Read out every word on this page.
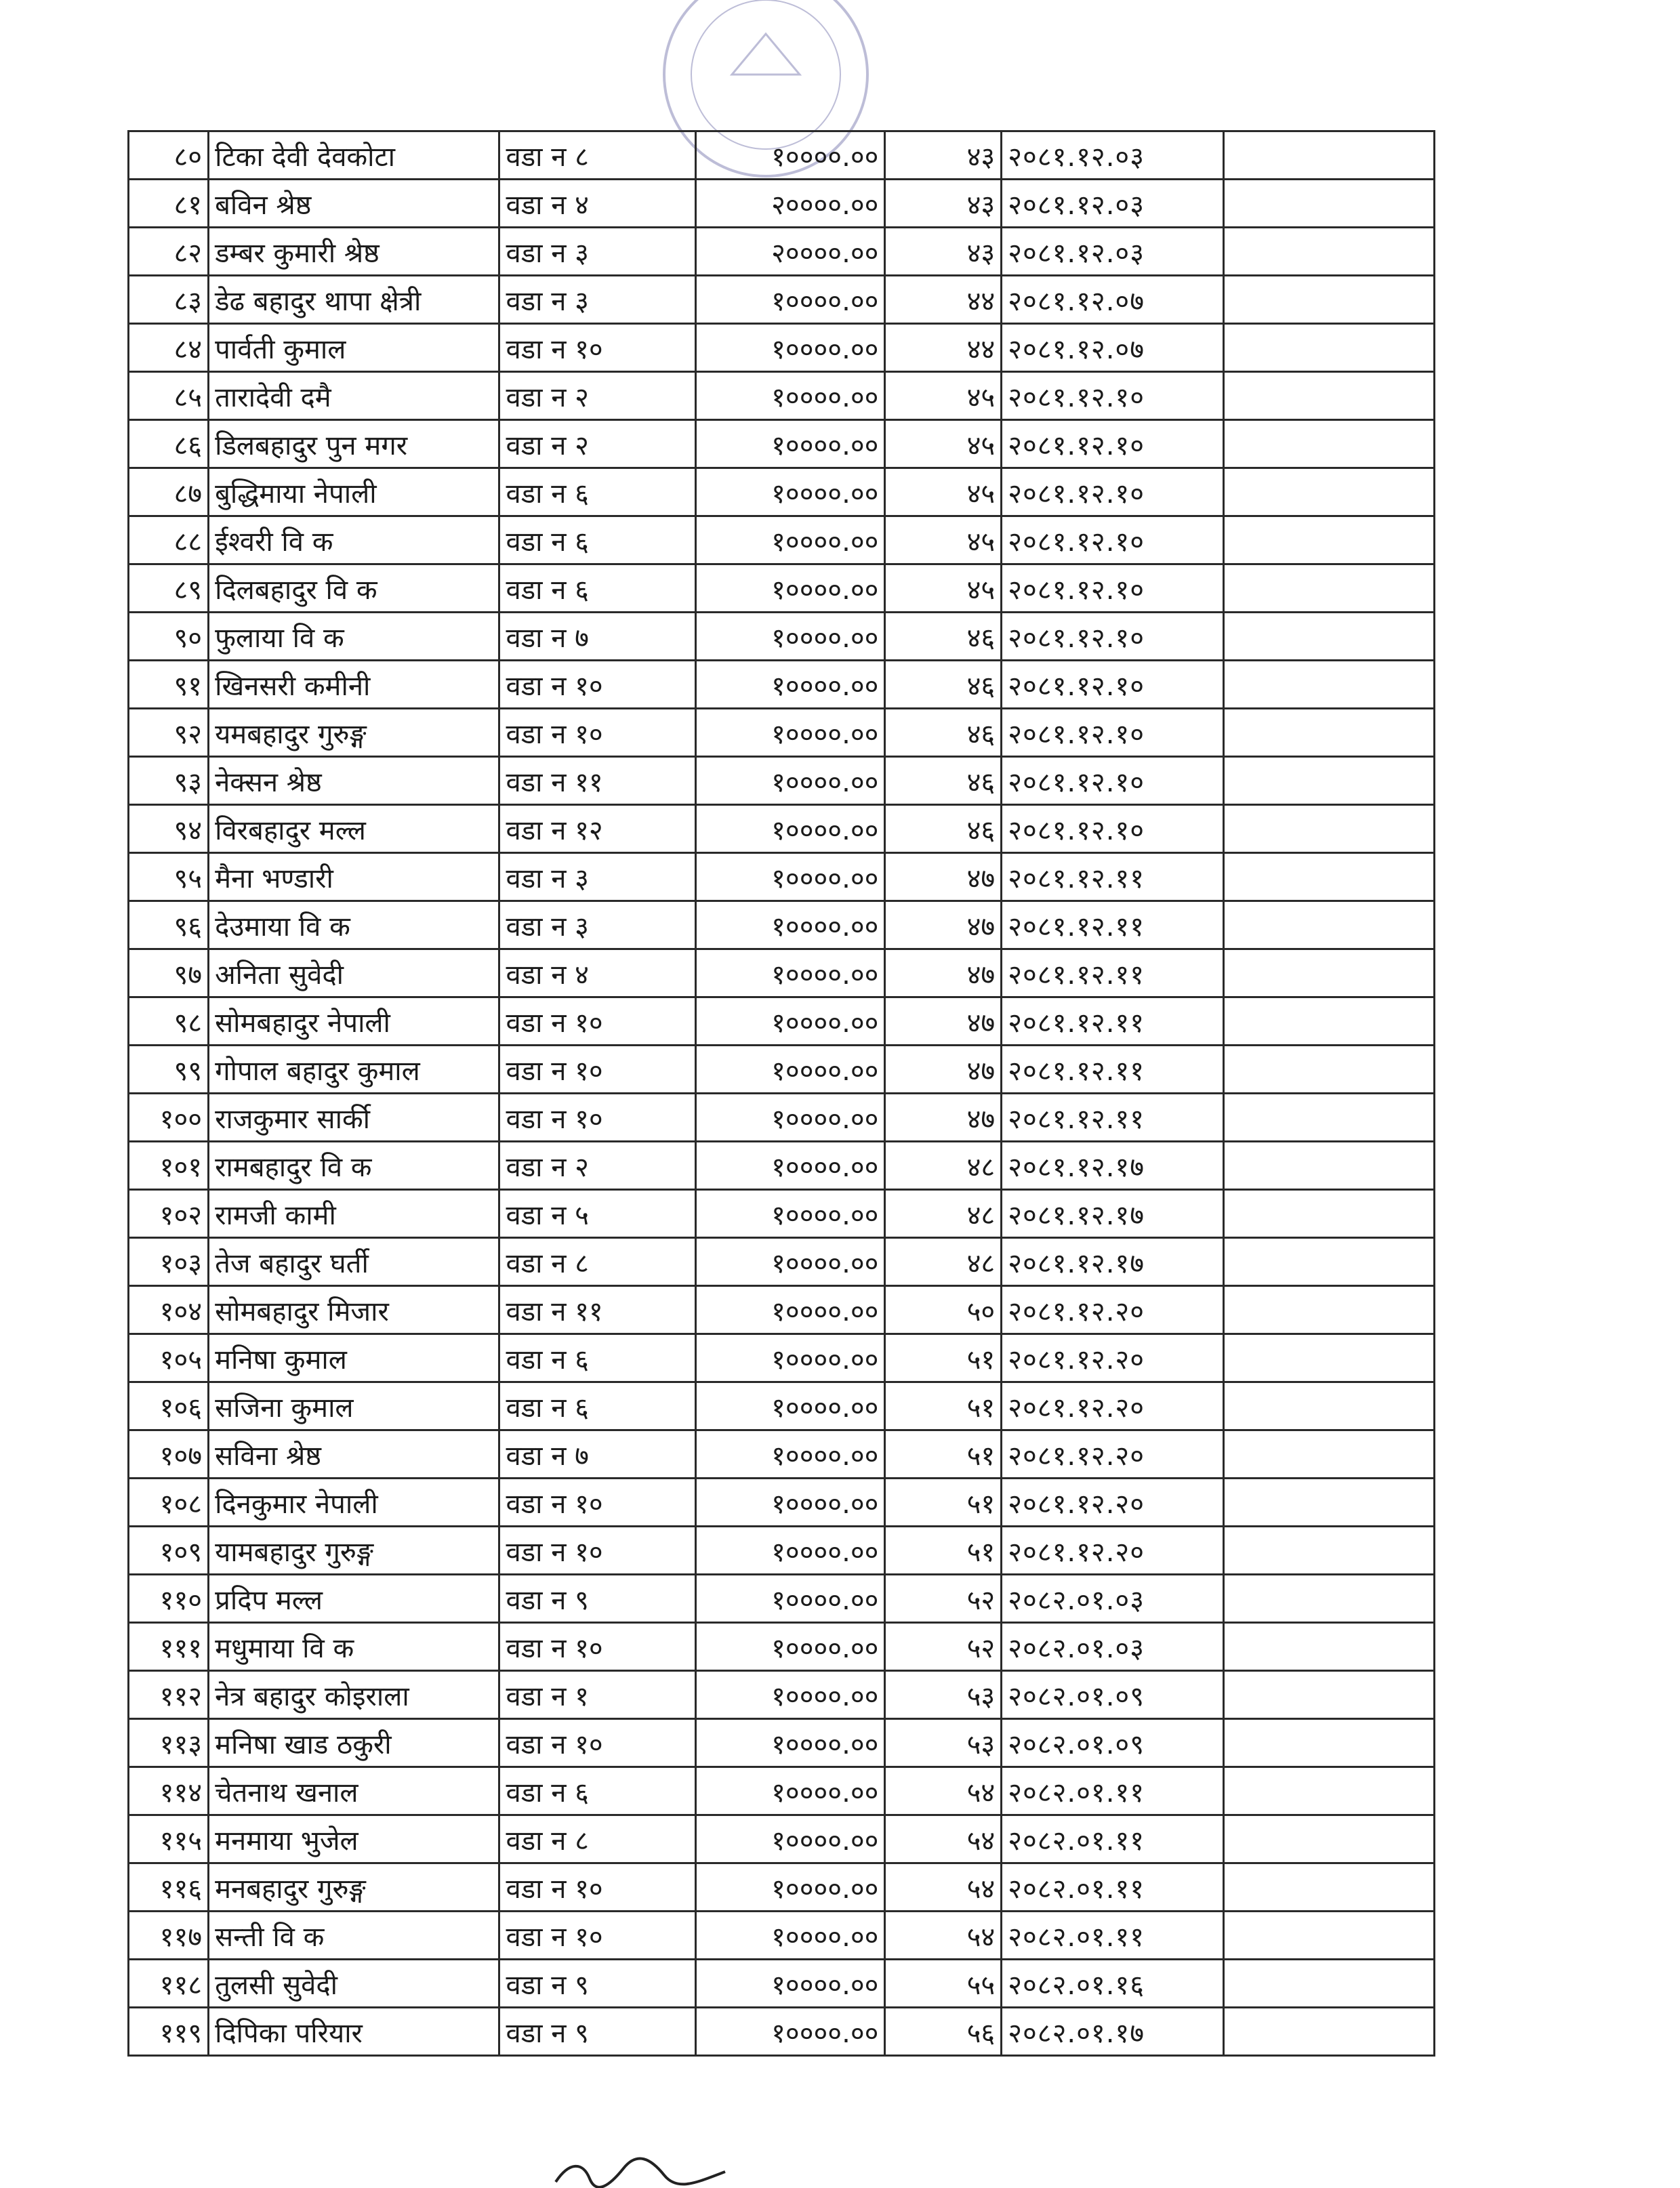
८०	टिका देवी देवकोटा	वडा न ८	१००००.००	४३	२०८१.१२.०३	
८१	बविन श्रेष्ठ	वडा न ४	२००००.००	४३	२०८१.१२.०३	
८२	डम्बर कुमारी श्रेष्ठ	वडा न ३	२००००.००	४३	२०८१.१२.०३	
८३	डेढ बहादुर थापा क्षेत्री	वडा न ३	१००००.००	४४	२०८१.१२.०७	
८४	पार्वती कुमाल	वडा न १०	१००००.००	४४	२०८१.१२.०७	
८५	तारादेवी दमै	वडा न २	१००००.००	४५	२०८१.१२.१०	
८६	डिलबहादुर पुन मगर	वडा न २	१००००.००	४५	२०८१.१२.१०	
८७	बुद्धिमाया नेपाली	वडा न ६	१००००.००	४५	२०८१.१२.१०	
८८	ईश्वरी वि क	वडा न ६	१००००.००	४५	२०८१.१२.१०	
८९	दिलबहादुर वि क	वडा न ६	१००००.००	४५	२०८१.१२.१०	
९०	फुलाया वि क	वडा न ७	१००००.००	४६	२०८१.१२.१०	
९१	खिनसरी कमीनी	वडा न १०	१००००.००	४६	२०८१.१२.१०	
९२	यमबहादुर गुरुङ्ग	वडा न १०	१००००.००	४६	२०८१.१२.१०	
९३	नेक्सन श्रेष्ठ	वडा न ११	१००००.००	४६	२०८१.१२.१०	
९४	विरबहादुर मल्ल	वडा न १२	१००००.००	४६	२०८१.१२.१०	
९५	मैना भण्डारी	वडा न ३	१००००.००	४७	२०८१.१२.११	
९६	देउमाया वि क	वडा न ३	१००००.००	४७	२०८१.१२.११	
९७	अनिता सुवेदी	वडा न ४	१००००.००	४७	२०८१.१२.११	
९८	सोमबहादुर नेपाली	वडा न १०	१००००.००	४७	२०८१.१२.११	
९९	गोपाल बहादुर कुमाल	वडा न १०	१००००.००	४७	२०८१.१२.११	
१००	राजकुमार सार्की	वडा न १०	१००००.००	४७	२०८१.१२.११	
१०१	रामबहादुर वि क	वडा न २	१००००.००	४८	२०८१.१२.१७	
१०२	रामजी कामी	वडा न ५	१००००.००	४८	२०८१.१२.१७	
१०३	तेज बहादुर घर्ती	वडा न ८	१००००.००	४८	२०८१.१२.१७	
१०४	सोमबहादुर मिजार	वडा न ११	१००००.००	५०	२०८१.१२.२०	
१०५	मनिषा कुमाल	वडा न ६	१००००.००	५१	२०८१.१२.२०	
१०६	सजिना कुमाल	वडा न ६	१००००.००	५१	२०८१.१२.२०	
१०७	सविना श्रेष्ठ	वडा न ७	१००००.००	५१	२०८१.१२.२०	
१०८	दिनकुमार नेपाली	वडा न १०	१००००.००	५१	२०८१.१२.२०	
१०९	यामबहादुर गुरुङ्ग	वडा न १०	१००००.००	५१	२०८१.१२.२०	
११०	प्रदिप मल्ल	वडा न ९	१००००.००	५२	२०८२.०१.०३	
१११	मधुमाया वि क	वडा न १०	१००००.००	५२	२०८२.०१.०३	
११२	नेत्र बहादुर कोइराला	वडा न १	१००००.००	५३	२०८२.०१.०९	
११३	मनिषा खाड ठकुरी	वडा न १०	१००००.००	५३	२०८२.०१.०९	
११४	चेतनाथ खनाल	वडा न ६	१००००.००	५४	२०८२.०१.११	
११५	मनमाया भुजेल	वडा न ८	१००००.००	५४	२०८२.०१.११	
११६	मनबहादुर गुरुङ्ग	वडा न १०	१००००.००	५४	२०८२.०१.११	
११७	सन्ती वि क	वडा न १०	१००००.००	५४	२०८२.०१.११	
११८	तुलसी सुवेदी	वडा न ९	१००००.००	५५	२०८२.०१.१६	
११९	दिपिका परियार	वडा न ९	१००००.००	५६	२०८२.०१.१७	
